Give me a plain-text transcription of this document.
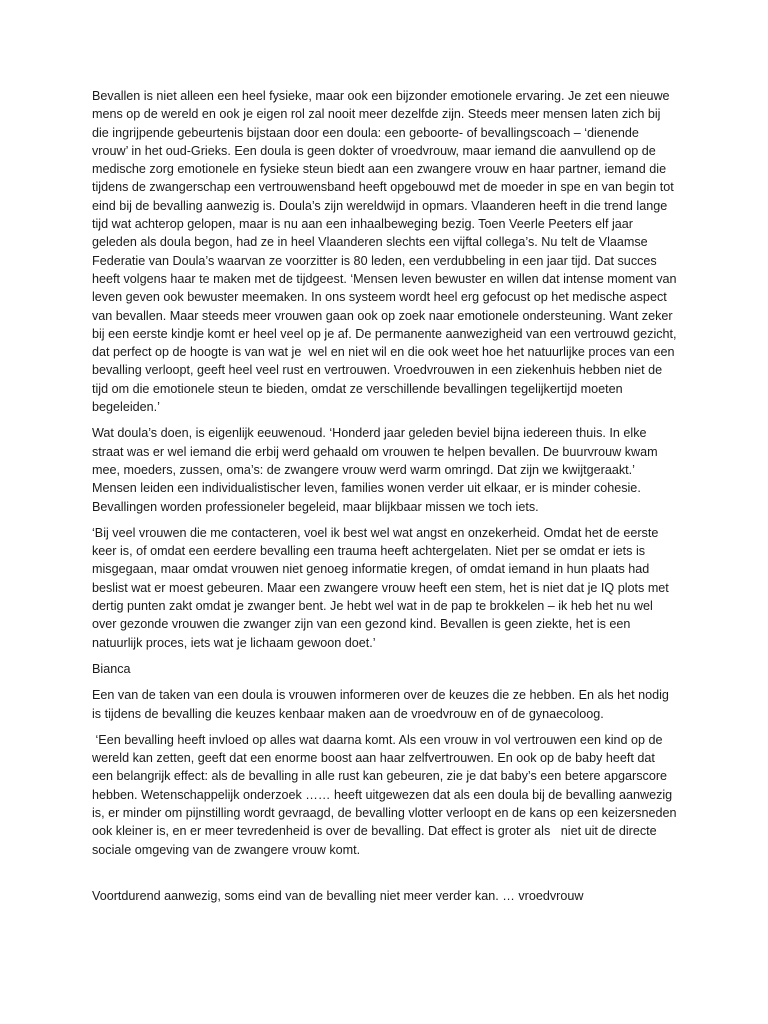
Bevallen is niet alleen een heel fysieke, maar ook een bijzonder emotionele ervaring. Je zet een nieuwe mens op de wereld en ook je eigen rol zal nooit meer dezelfde zijn. Steeds meer mensen laten zich bij die ingrijpende gebeurtenis bijstaan door een doula: een geboorte- of bevallingscoach – ‘dienende vrouw’ in het oud-Grieks. Een doula is geen dokter of vroedvrouw, maar iemand die aanvullend op de medische zorg emotionele en fysieke steun biedt aan een zwangere vrouw en haar partner, iemand die tijdens de zwangerschap een vertrouwensband heeft opgebouwd met de moeder in spe en van begin tot eind bij de bevalling aanwezig is. Doula’s zijn wereldwijd in opmars. Vlaanderen heeft in die trend lange tijd wat achterop gelopen, maar is nu aan een inhaalbeweging bezig. Toen Veerle Peeters elf jaar geleden als doula begon, had ze in heel Vlaanderen slechts een vijftal collega’s. Nu telt de Vlaamse Federatie van Doula’s waarvan ze voorzitter is 80 leden, een verdubbeling in een jaar tijd. Dat succes heeft volgens haar te maken met de tijdgeest. ‘Mensen leven bewuster en willen dat intense moment van leven geven ook bewuster meemaken. In ons systeem wordt heel erg gefocust op het medische aspect van bevallen. Maar steeds meer vrouwen gaan ook op zoek naar emotionele ondersteuning. Want zeker bij een eerste kindje komt er heel veel op je af. De permanente aanwezigheid van een vertrouwd gezicht, dat perfect op de hoogte is van wat je  wel en niet wil en die ook weet hoe het natuurlijke proces van een bevalling verloopt, geeft heel veel rust en vertrouwen. Vroedvrouwen in een ziekenhuis hebben niet de tijd om die emotionele steun te bieden, omdat ze verschillende bevallingen tegelijkertijd moeten begeleiden.’

Wat doula’s doen, is eigenlijk eeuwenoud. ‘Honderd jaar geleden beviel bijna iedereen thuis. In elke straat was er wel iemand die erbij werd gehaald om vrouwen te helpen bevallen. De buurvrouw kwam mee, moeders, zussen, oma’s: de zwangere vrouw werd warm omringd. Dat zijn we kwijtgeraakt.’ Mensen leiden een individualistischer leven, families wonen verder uit elkaar, er is minder cohesie. Bevallingen worden professioneler begeleid, maar blijkbaar missen we toch iets.

‘Bij veel vrouwen die me contacteren, voel ik best wel wat angst en onzekerheid. Omdat het de eerste keer is, of omdat een eerdere bevalling een trauma heeft achtergelaten. Niet per se omdat er iets is misgegaan, maar omdat vrouwen niet genoeg informatie kregen, of omdat iemand in hun plaats had beslist wat er moest gebeuren. Maar een zwangere vrouw heeft een stem, het is niet dat je IQ plots met dertig punten zakt omdat je zwanger bent. Je hebt wel wat in de pap te brokkelen – ik heb het nu wel over gezonde vrouwen die zwanger zijn van een gezond kind. Bevallen is geen ziekte, het is een natuurlijk proces, iets wat je lichaam gewoon doet.’

Bianca

Een van de taken van een doula is vrouwen informeren over de keuzes die ze hebben. En als het nodig is tijdens de bevalling die keuzes kenbaar maken aan de vroedvrouw en of de gynaecoloog.

‘Een bevalling heeft invloed op alles wat daarna komt. Als een vrouw in vol vertrouwen een kind op de wereld kan zetten, geeft dat een enorme boost aan haar zelfvertrouwen. En ook op de baby heeft dat een belangrijk effect: als de bevalling in alle rust kan gebeuren, zie je dat baby’s een betere apgarscore hebben. Wetenschappelijk onderzoek …… heeft uitgewezen dat als een doula bij de bevalling aanwezig is, er minder om pijnstilling wordt gevraagd, de bevalling vlotter verloopt en de kans op een keizersneden ook kleiner is, en er meer tevredenheid is over de bevalling. Dat effect is groter als   niet uit de directe sociale omgeving van de zwangere vrouw komt.

Voortdurend aanwezig, soms eind van de bevalling niet meer verder kan. … vroedvrouw
